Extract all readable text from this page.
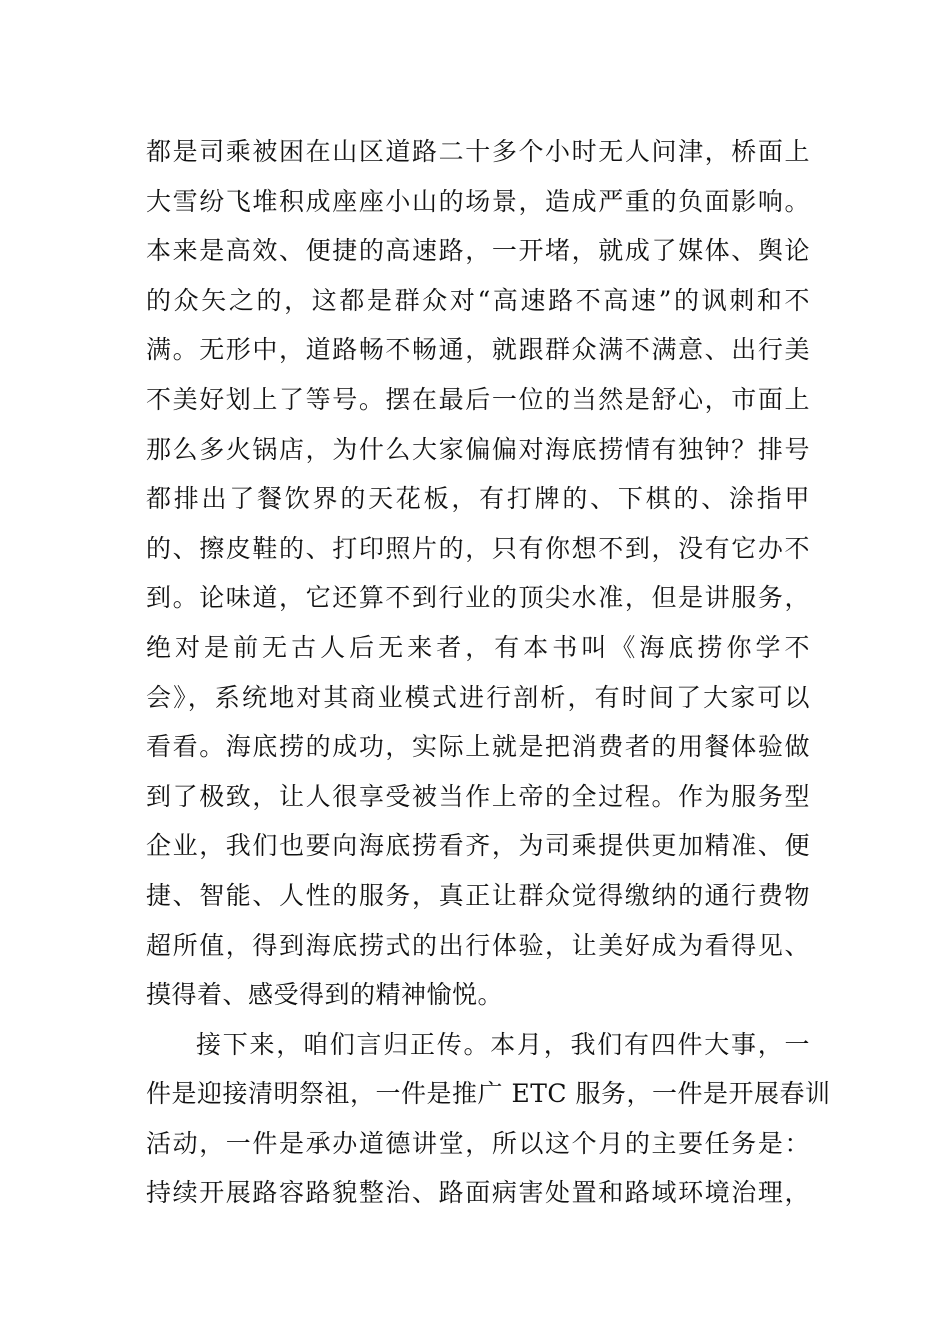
都是司乘被困在山区道路二十多个小时无人问津，桥面上
大雪纷飞堆积成座座小山的场景，造成严重的负面影响。
本来是高效、便捷的高速路，一开堵，就成了媒体、舆论
的众矢之的，这都是群众对“高速路不高速”的讽刺和不
满。无形中，道路畅不畅通，就跟群众满不满意、出行美
不美好划上了等号。摆在最后一位的当然是舒心，市面上
那么多火锅店，为什么大家偏偏对海底捞情有独钟？排号
都排出了餐饮界的天花板，有打牌的、下棋的、涂指甲
的、擦皮鞋的、打印照片的，只有你想不到，没有它办不
到。论味道，它还算不到行业的顶尖水准，但是讲服务，
绝对是前无古人后无来者，有本书叫《海底捞你学不
会》，系统地对其商业模式进行剖析，有时间了大家可以
看看。海底捞的成功，实际上就是把消费者的用餐体验做
到了极致，让人很享受被当作上帝的全过程。作为服务型
企业，我们也要向海底捞看齐，为司乘提供更加精准、便
捷、智能、人性的服务，真正让群众觉得缴纳的通行费物
超所值，得到海底捞式的出行体验，让美好成为看得见、
摸得着、感受得到的精神愉悦。
接下来，咱们言归正传。本月，我们有四件大事，一
件是迎接清明祭祖，一件是推广 ETC 服务，一件是开展春训
活动，一件是承办道德讲堂，所以这个月的主要任务是：
持续开展路容路貌整治、路面病害处置和路域环境治理，
